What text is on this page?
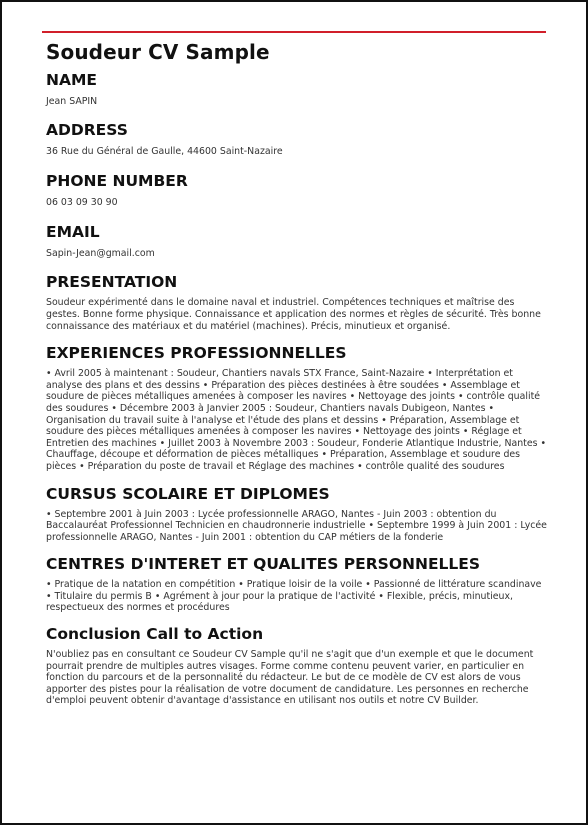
Soudeur CV Sample
NAME

Jean SAPIN

ADDRESS

36 Rue du Général de Gaulle, 44600 Saint-Nazaire

PHONE NUMBER

06 03 09 30 90

EMAIL

Sapin-Jean@gmail.com

PRESENTATION

Soudeur expérimenté dans le domaine naval et industriel. Compétences techniques et maîtrise des gestes. Bonne forme physique. Connaissance et application des normes et règles de sécurité. Très bonne connaissance des matériaux et du matériel (machines). Précis, minutieux et organisé.

EXPERIENCES PROFESSIONNELLES

• Avril 2005 à maintenant : Soudeur, Chantiers navals STX France, Saint-Nazaire • Interprétation et analyse des plans et des dessins • Préparation des pièces destinées à être soudées • Assemblage et soudure de pièces métalliques amenées à composer les navires • Nettoyage des joints • contrôle qualité des soudures • Décembre 2003 à Janvier 2005 : Soudeur, Chantiers navals Dubigeon, Nantes • Organisation du travail suite à l'analyse et l'étude des plans et dessins • Préparation, Assemblage et soudure des pièces métalliques amenées à composer les navires • Nettoyage des joints • Réglage et Entretien des machines • Juillet 2003 à Novembre 2003 : Soudeur, Fonderie Atlantique Industrie, Nantes • Chauffage, découpe et déformation de pièces métalliques • Préparation, Assemblage et soudure des pièces • Préparation du poste de travail et Réglage des machines • contrôle qualité des soudures

CURSUS SCOLAIRE ET DIPLOMES

• Septembre 2001 à Juin 2003 : Lycée professionnelle ARAGO, Nantes - Juin 2003 : obtention du Baccalauréat Professionnel Technicien en chaudronnerie industrielle • Septembre 1999 à Juin 2001 : Lycée professionnelle ARAGO, Nantes - Juin 2001 : obtention du CAP métiers de la fonderie

CENTRES D'INTERET ET QUALITES PERSONNELLES

• Pratique de la natation en compétition • Pratique loisir de la voile • Passionné de littérature scandinave • Titulaire du permis B • Agrément à jour pour la pratique de l'activité • Flexible, précis, minutieux, respectueux des normes et procédures

Conclusion Call to Action

N'oubliez pas en consultant ce Soudeur CV Sample qu'il ne s'agit que d'un exemple et que le document pourrait prendre de multiples autres visages. Forme comme contenu peuvent varier, en particulier en fonction du parcours et de la personnalité du rédacteur. Le but de ce modèle de CV est alors de vous apporter des pistes pour la réalisation de votre document de candidature. Les personnes en recherche d'emploi peuvent obtenir d'avantage d'assistance en utilisant nos outils et notre CV Builder.
